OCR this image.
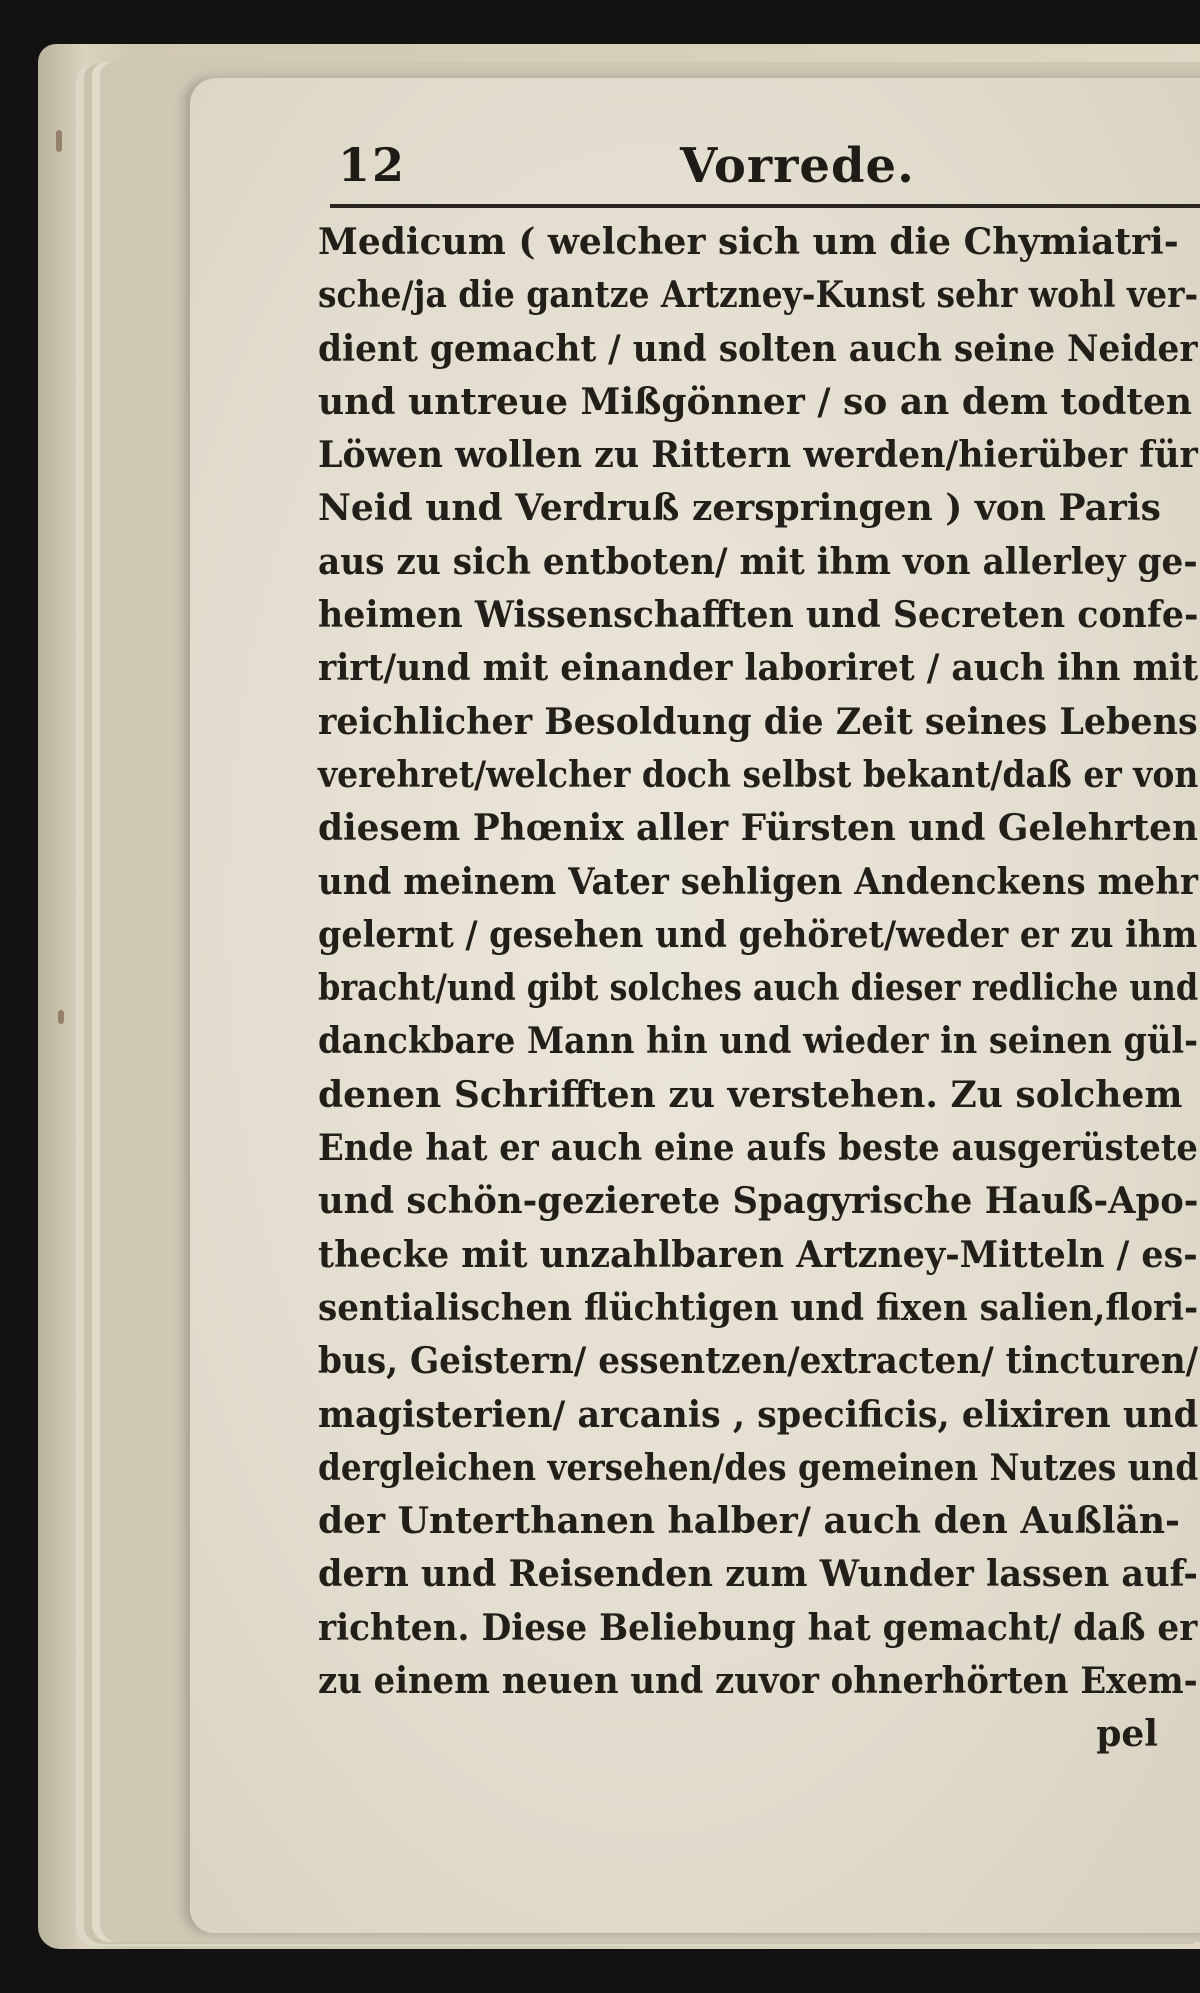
12	Vorrede.
Medicum ( welcher sich um die Chymiatri-
sche/ja die gantze Artzney-Kunst sehr wohl ver-
dient gemacht / und solten auch seine Neider
und untreue Mißgönner / so an dem todten
Löwen wollen zu Rittern werden/hierüber für
Neid und Verdruß zerspringen ) von Paris
aus zu sich entboten/ mit ihm von allerley ge-
heimen Wissenschafften und Secreten confe-
rirt/und mit einander laboriret / auch ihn mit
reichlicher Besoldung die Zeit seines Lebens
verehret/welcher doch selbst bekant/daß er von
diesem Phœnix aller Fürsten und Gelehrten
und meinem Vater sehligen Andenckens mehr
gelernt / gesehen und gehöret/weder er zu ihm
bracht/und gibt solches auch dieser redliche und
danckbare Mann hin und wieder in seinen gül-
denen Schrifften zu verstehen. Zu solchem
Ende hat er auch eine aufs beste ausgerüstete
und schön-gezierete Spagyrische Hauß-Apo-
thecke mit unzahlbaren Artzney-Mitteln / es-
sentialischen flüchtigen und fixen salien,flori-
bus, Geistern/ essentzen/extracten/ tincturen/
magisterien/ arcanis , specificis, elixiren und
dergleichen versehen/des gemeinen Nutzes und
der Unterthanen halber/ auch den Außlän-
dern und Reisenden zum Wunder lassen auf-
richten. Diese Beliebung hat gemacht/ daß er
zu einem neuen und zuvor ohnerhörten Exem-
pel
